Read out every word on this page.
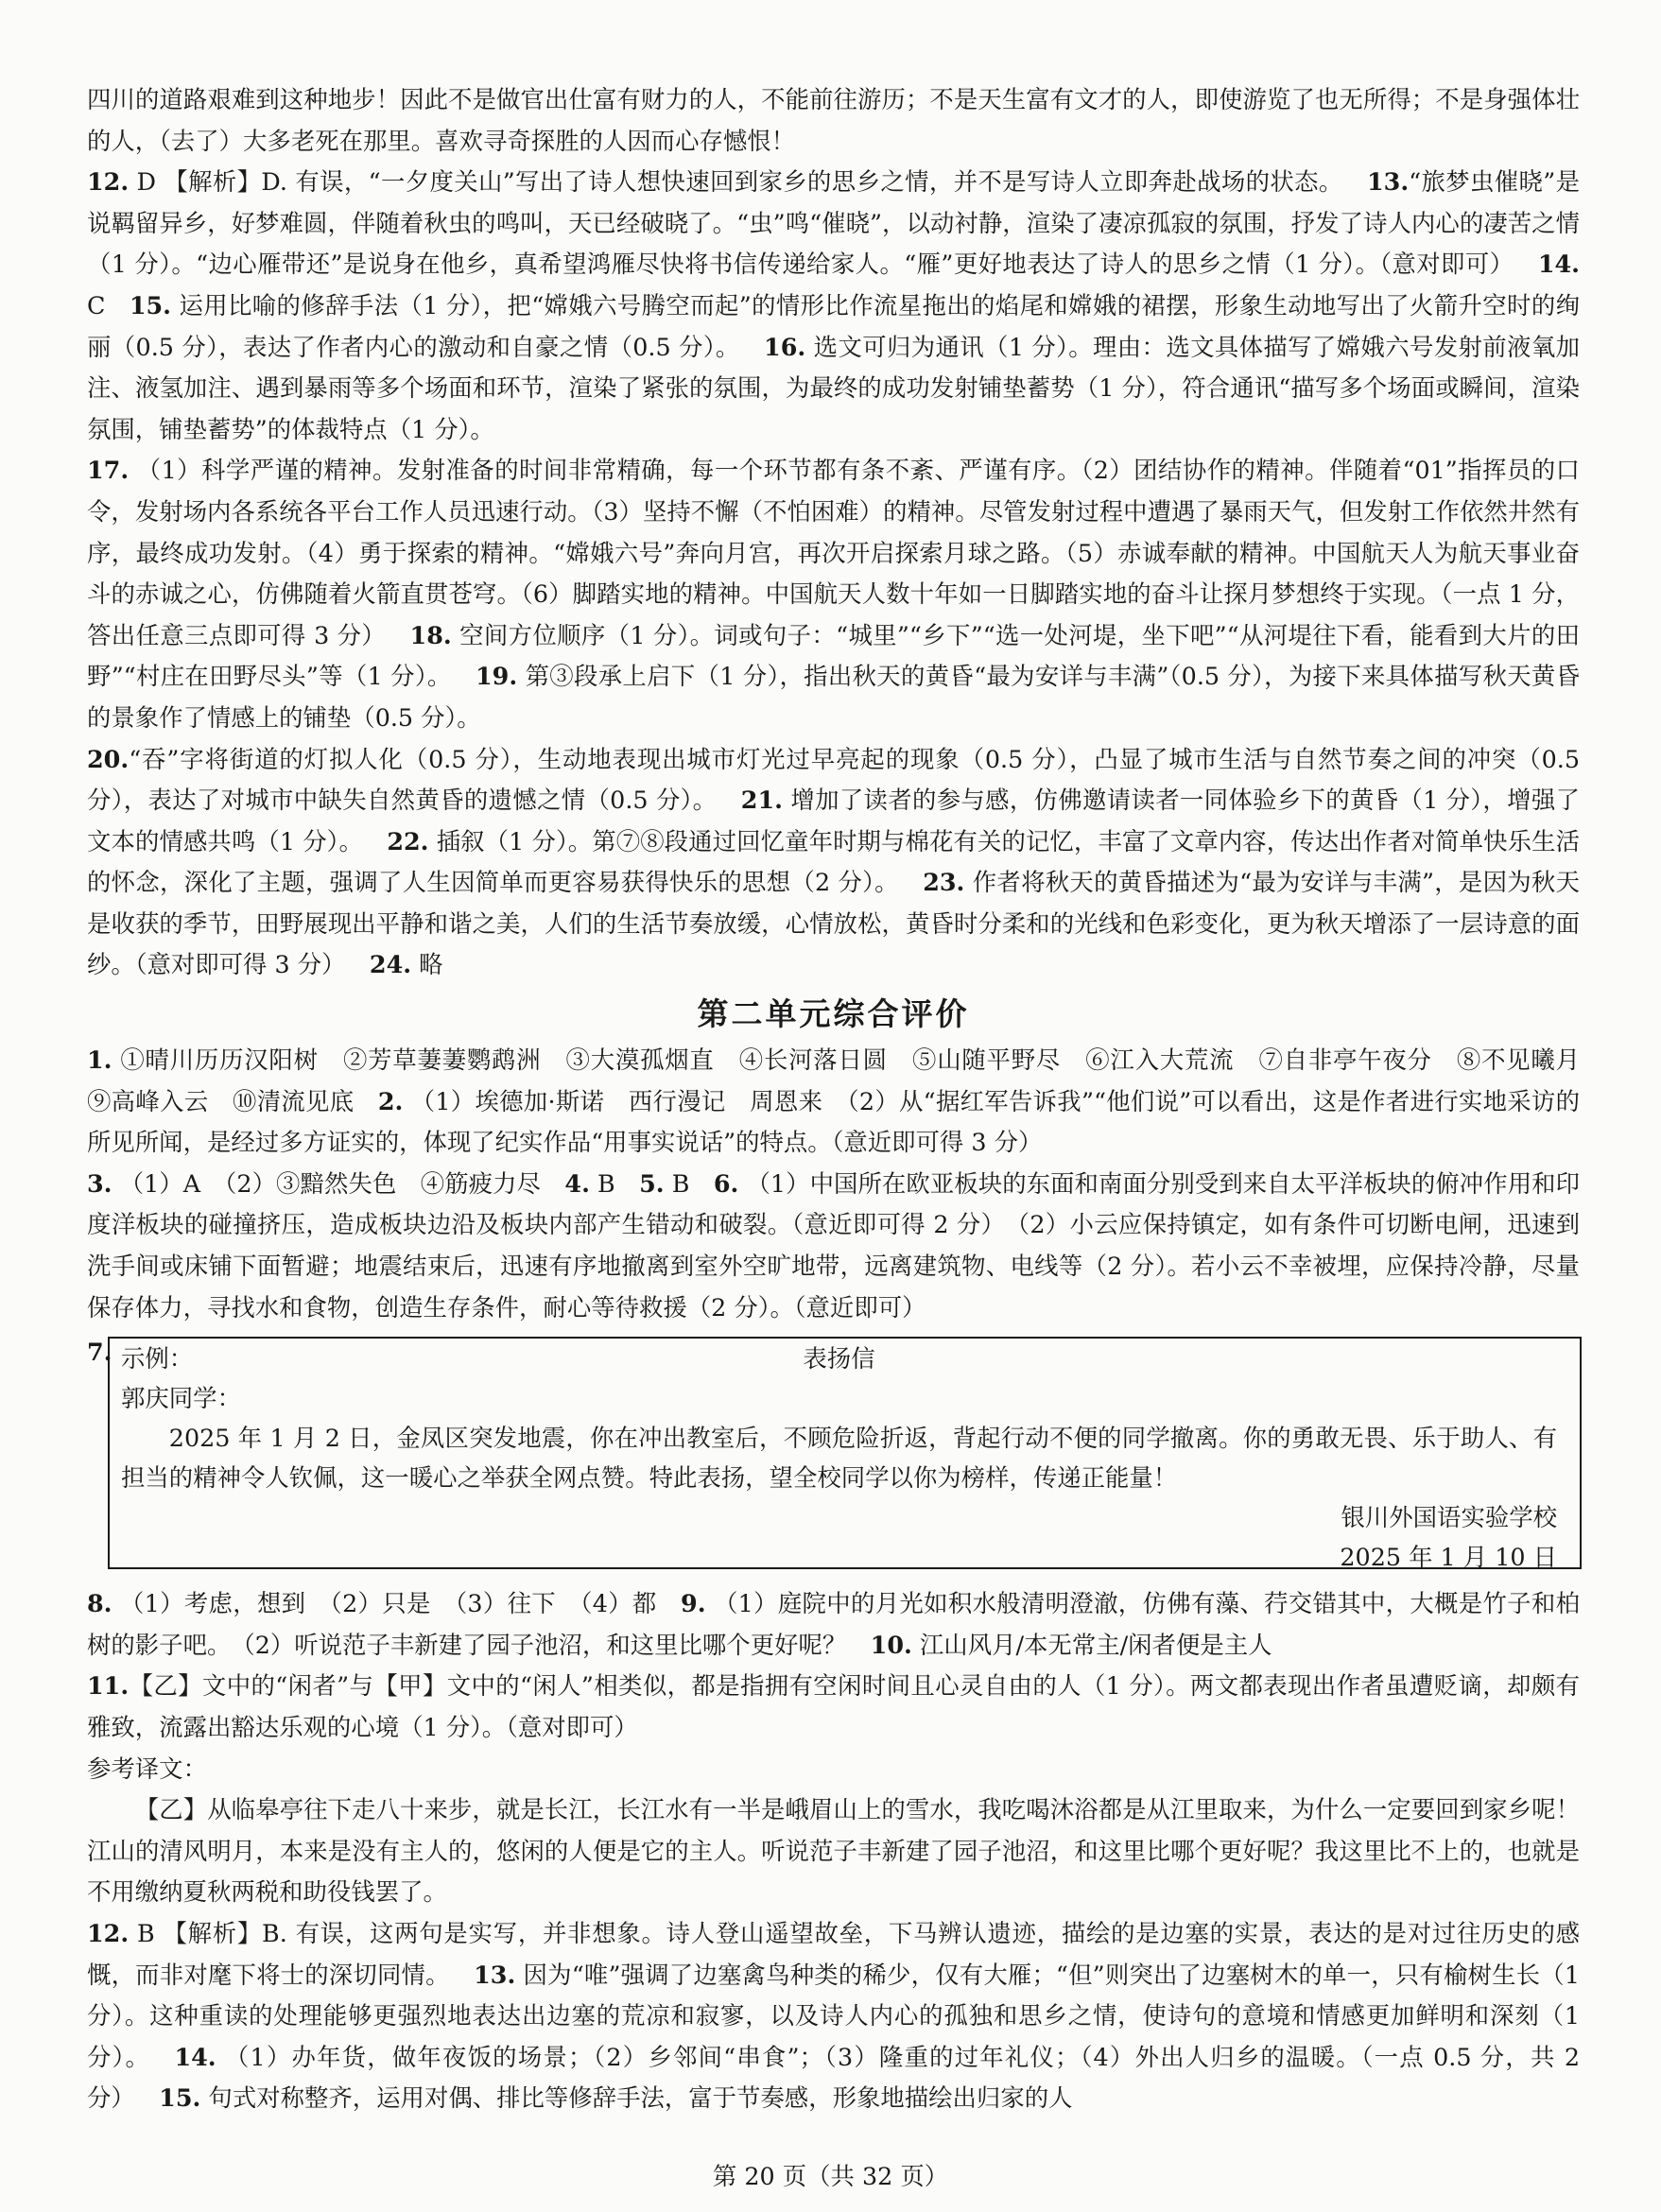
四川的道路艰难到这种地步！因此不是做官出仕富有财力的人，不能前往游历；不是天生富有文才的人，即使游览了也无所得；不是身强体壮的人，（去了）大多老死在那里。喜欢寻奇探胜的人因而心存憾恨！
12. D 【解析】D. 有误，“一夕度关山”写出了诗人想快速回到家乡的思乡之情，并不是写诗人立即奔赴战场的状态。  13.“旅梦虫催晓”是说羁留异乡，好梦难圆，伴随着秋虫的鸣叫，天已经破晓了。“虫”鸣“催晓”，以动衬静，渲染了凄凉孤寂的氛围，抒发了诗人内心的凄苦之情（1 分）。“边心雁带还”是说身在他乡，真希望鸿雁尽快将书信传递给家人。“雁”更好地表达了诗人的思乡之情（1 分）。（意对即可）  14. C  15. 运用比喻的修辞手法（1 分），把“嫦娥六号腾空而起”的情形比作流星拖出的焰尾和嫦娥的裙摆，形象生动地写出了火箭升空时的绚丽（0.5 分），表达了作者内心的激动和自豪之情（0.5 分）。  16. 选文可归为通讯（1 分）。理由：选文具体描写了嫦娥六号发射前液氧加注、液氢加注、遇到暴雨等多个场面和环节，渲染了紧张的氛围，为最终的成功发射铺垫蓄势（1 分），符合通讯“描写多个场面或瞬间，渲染氛围，铺垫蓄势”的体裁特点（1 分）。
17. （1）科学严谨的精神。发射准备的时间非常精确，每一个环节都有条不紊、严谨有序。（2）团结协作的精神。伴随着“01”指挥员的口令，发射场内各系统各平台工作人员迅速行动。（3）坚持不懈（不怕困难）的精神。尽管发射过程中遭遇了暴雨天气，但发射工作依然井然有序，最终成功发射。（4）勇于探索的精神。“嫦娥六号”奔向月宫，再次开启探索月球之路。（5）赤诚奉献的精神。中国航天人为航天事业奋斗的赤诚之心，仿佛随着火箭直贯苍穹。（6）脚踏实地的精神。中国航天人数十年如一日脚踏实地的奋斗让探月梦想终于实现。（一点 1 分，答出任意三点即可得 3 分）  18. 空间方位顺序（1 分）。词或句子：“城里”“乡下”“选一处河堤，坐下吧”“从河堤往下看，能看到大片的田野”“村庄在田野尽头”等（1 分）。  19. 第③段承上启下（1 分），指出秋天的黄昏“最为安详与丰满”（0.5 分），为接下来具体描写秋天黄昏的景象作了情感上的铺垫（0.5 分）。
20.“吞”字将街道的灯拟人化（0.5 分），生动地表现出城市灯光过早亮起的现象（0.5 分），凸显了城市生活与自然节奏之间的冲突（0.5 分），表达了对城市中缺失自然黄昏的遗憾之情（0.5 分）。  21. 增加了读者的参与感，仿佛邀请读者一同体验乡下的黄昏（1 分），增强了文本的情感共鸣（1 分）。  22. 插叙（1 分）。第⑦⑧段通过回忆童年时期与棉花有关的记忆，丰富了文章内容，传达出作者对简单快乐生活的怀念，深化了主题，强调了人生因简单而更容易获得快乐的思想（2 分）。  23. 作者将秋天的黄昏描述为“最为安详与丰满”，是因为秋天是收获的季节，田野展现出平静和谐之美，人们的生活节奏放缓，心情放松，黄昏时分柔和的光线和色彩变化，更为秋天增添了一层诗意的面纱。（意对即可得 3 分）  24. 略
第二单元综合评价
1. ①晴川历历汉阳树　②芳草萋萋鹦鹉洲　③大漠孤烟直　④长河落日圆　⑤山随平野尽　⑥江入大荒流　⑦自非亭午夜分　⑧不见曦月　⑨高峰入云　⑩清流见底  2. （1）埃德加·斯诺　西行漫记　周恩来　（2）从“据红军告诉我”“他们说”可以看出，这是作者进行实地采访的所见所闻，是经过多方证实的，体现了纪实作品“用事实说话”的特点。（意近即可得 3 分）
3. （1）A　（2）③黯然失色　④筋疲力尽  4. B  5. B  6. （1）中国所在欧亚板块的东面和南面分别受到来自太平洋板块的俯冲作用和印度洋板块的碰撞挤压，造成板块边沿及板块内部产生错动和破裂。（意近即可得 2 分）　（2）小云应保持镇定，如有条件可切断电闸，迅速到洗手间或床铺下面暂避；地震结束后，迅速有序地撤离到室外空旷地带，远离建筑物、电线等（2 分）。若小云不幸被埋，应保持冷静，尽量保存体力，寻找水和食物，创造生存条件，耐心等待救援（2 分）。（意近即可）
7. 示例：	表扬信
郭庆同学：
2025 年 1 月 2 日，金凤区突发地震，你在冲出教室后，不顾危险折返，背起行动不便的同学撤离。你的勇敢无畏、乐于助人、有担当的精神令人钦佩，这一暖心之举获全网点赞。特此表扬，望全校同学以你为榜样，传递正能量！
银川外国语实验学校
2025 年 1 月 10 日
8. （1）考虑，想到　（2）只是　（3）往下　（4）都  9. （1）庭院中的月光如积水般清明澄澈，仿佛有藻、荇交错其中，大概是竹子和柏树的影子吧。　（2）听说范子丰新建了园子池沼，和这里比哪个更好呢？  10. 江山风月/本无常主/闲者便是主人
11.【乙】文中的“闲者”与【甲】文中的“闲人”相类似，都是指拥有空闲时间且心灵自由的人（1 分）。两文都表现出作者虽遭贬谪，却颇有雅致，流露出豁达乐观的心境（1 分）。（意对即可）
参考译文：
【乙】从临皋亭往下走八十来步，就是长江，长江水有一半是峨眉山上的雪水，我吃喝沐浴都是从江里取来，为什么一定要回到家乡呢！江山的清风明月，本来是没有主人的，悠闲的人便是它的主人。听说范子丰新建了园子池沼，和这里比哪个更好呢？我这里比不上的，也就是不用缴纳夏秋两税和助役钱罢了。
12. B 【解析】B. 有误，这两句是实写，并非想象。诗人登山遥望故垒，下马辨认遗迹，描绘的是边塞的实景，表达的是对过往历史的感慨，而非对麾下将士的深切同情。  13. 因为“唯”强调了边塞禽鸟种类的稀少，仅有大雁；“但”则突出了边塞树木的单一，只有榆树生长（1 分）。这种重读的处理能够更强烈地表达出边塞的荒凉和寂寥，以及诗人内心的孤独和思乡之情，使诗句的意境和情感更加鲜明和深刻（1 分）。  14. （1）办年货，做年夜饭的场景；（2）乡邻间“串食”；（3）隆重的过年礼仪；（4）外出人归乡的温暖。（一点 0.5 分，共 2 分）  15. 句式对称整齐，运用对偶、排比等修辞手法，富于节奏感，形象地描绘出归家的人
第 20 页（共 32 页）
